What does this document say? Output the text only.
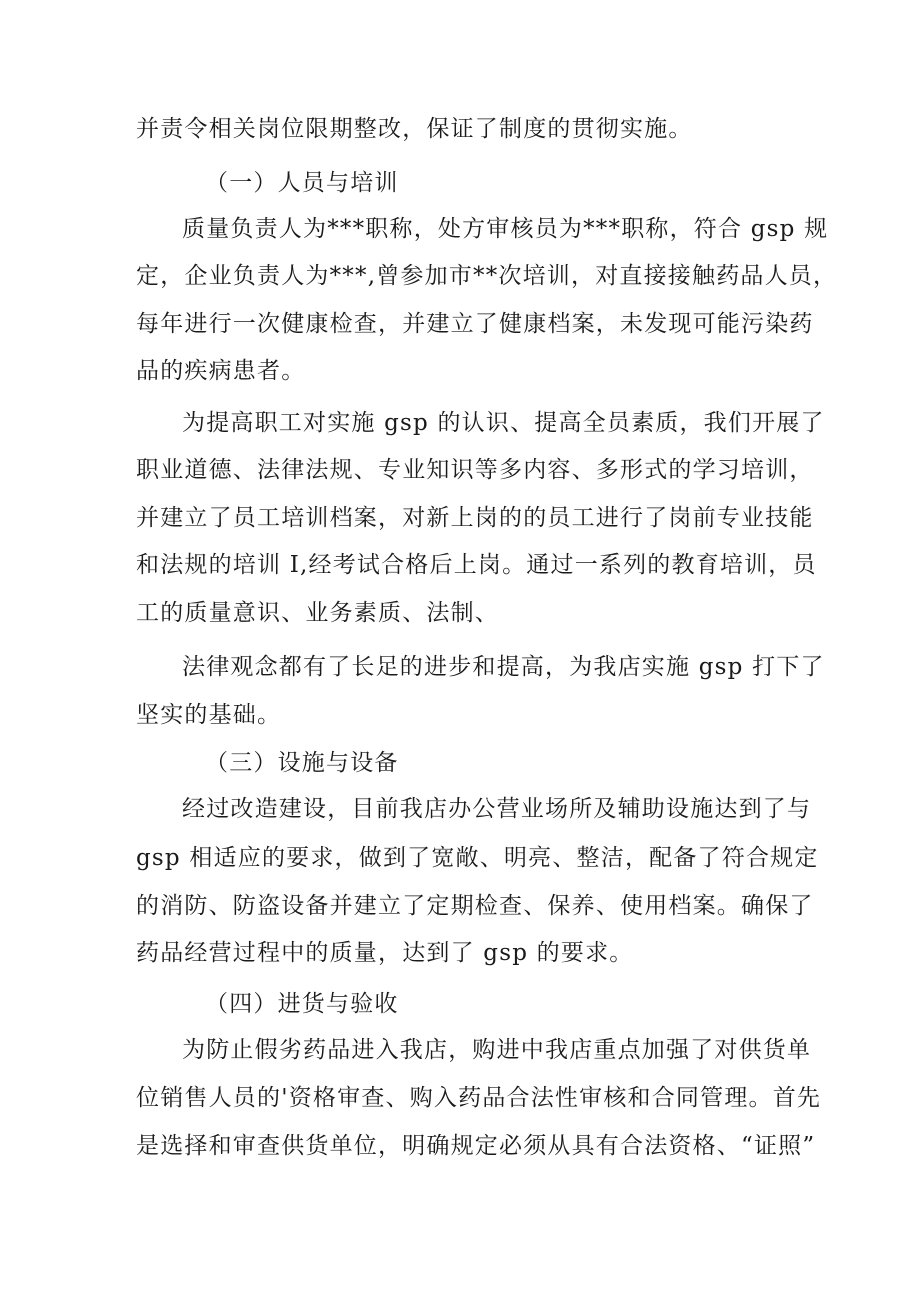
并责令相关岗位限期整改，保证了制度的贯彻实施。
（一）人员与培训
质量负责人为***职称，处方审核员为***职称，符合 gsp 规
定，企业负责人为***,曾参加市**次培训，对直接接触药品人员，
每年进行一次健康检查，并建立了健康档案，未发现可能污染药
品的疾病患者。
为提高职工对实施 gsp 的认识、提高全员素质，我们开展了
职业道德、法律法规、专业知识等多内容、多形式的学习培训，
并建立了员工培训档案，对新上岗的的员工进行了岗前专业技能
和法规的培训 I,经考试合格后上岗。通过一系列的教育培训，员
工的质量意识、业务素质、法制、
法律观念都有了长足的进步和提高，为我店实施 gsp 打下了
坚实的基础。
（三）设施与设备
经过改造建设，目前我店办公营业场所及辅助设施达到了与
gsp 相适应的要求，做到了宽敞、明亮、整洁，配备了符合规定
的消防、防盗设备并建立了定期检查、保养、使用档案。确保了
药品经营过程中的质量，达到了 gsp 的要求。
（四）进货与验收
为防止假劣药品进入我店，购进中我店重点加强了对供货单
位销售人员的'资格审查、购入药品合法性审核和合同管理。首先
是选择和审查供货单位，明确规定必须从具有合法资格、“证照”
